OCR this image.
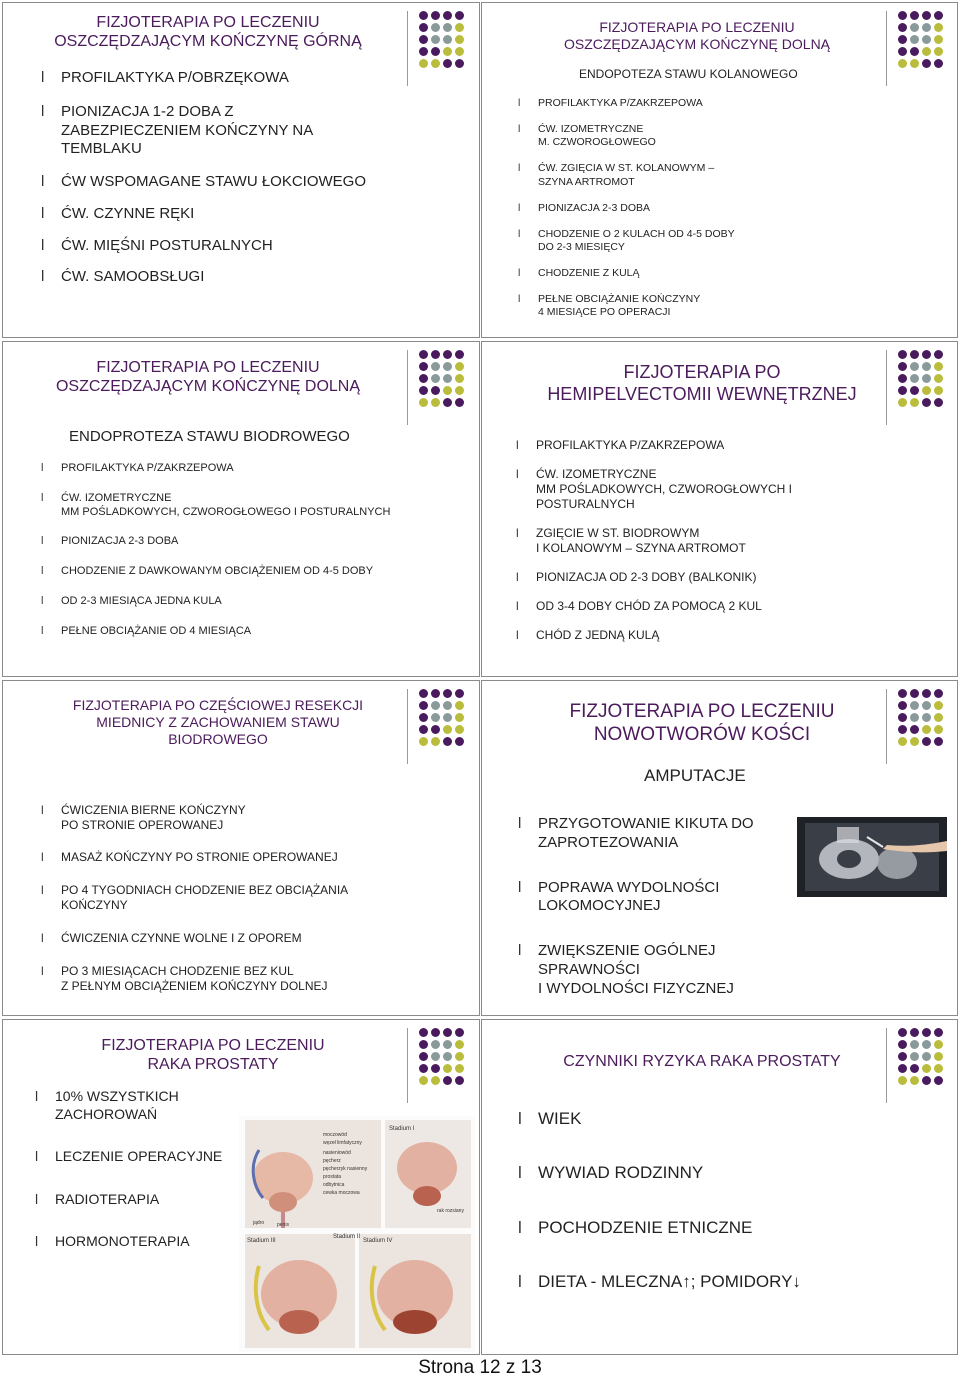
FIZJOTERAPIA PO LECZENIU
OSZCZĘDZAJĄCYM KOŃCZYNĘ GÓRNĄ
l PROFILAKTYKA P/OBRZĘKOWA
l PIONIZACJA 1-2 DOBA Z
ZABEZPIECZENIEM KOŃCZYNY NA
TEMBLAKU
l ĆW WSPOMAGANE STAWU ŁOKCIOWEGO
l ĆW. CZYNNE RĘKI
l ĆW. MIĘŚNI POSTURALNYCH
l ĆW. SAMOOBSŁUGI
FIZJOTERAPIA PO LECZENIU
OSZCZĘDZAJĄCYM KOŃCZYNĘ DOLNĄ

ENDOPOTEZA STAWU KOLANOWEGO

l PROFILAKTYKA P/ZAKRZEPOWA
l ĆW. IZOMETRYCZNE
M. CZWOROGŁOWEGO
l ĆW. ZGIĘCIA W ST. KOLANOWYM –
SZYNA ARTROMOT
l PIONIZACJA 2-3 DOBA
l CHODZENIE O 2 KULACH OD 4-5 DOBY
DO 2-3 MIESIĘCY
l CHODZENIE Z KULĄ
l PEŁNE OBCIĄŻANIE KOŃCZYNY
4 MIESIĄCE PO OPERACJI
FIZJOTERAPIA PO LECZENIU
OSZCZĘDZAJĄCYM KOŃCZYNĘ DOLNĄ

ENDOPROTEZA STAWU BIODROWEGO

l PROFILAKTYKA P/ZAKRZEPOWA
l ĆW. IZOMETRYCZNE
MM POŚLADKOWYCH, CZWOROGŁOWEGO I POSTURALNYCH
l PIONIZACJA 2-3 DOBA
l CHODZENIE Z DAWKOWANYM OBCIĄŻENIEM OD 4-5 DOBY
l OD 2-3 MIESIĄCA JEDNA KULA
l PEŁNE OBCIĄŻANIE OD 4 MIESIĄCA
FIZJOTERAPIA PO
HEMIPELVECTOMII WEWNĘTRZNEJ
l PROFILAKTYKA P/ZAKRZEPOWA
l ĆW. IZOMETRYCZNE
MM POŚLADKOWYCH, CZWOROGŁOWYCH I
POSTURALNYCH
l ZGIĘCIE W ST. BIODROWYM
I KOLANOWYM – SZYNA ARTROMOT
l PIONIZACJA OD 2-3 DOBY (BALKONIK)
l OD 3-4 DOBY CHÓD ZA POMOCĄ 2 KUL
l CHÓD Z JEDNĄ KULĄ
FIZJOTERAPIA PO CZĘŚCIOWEJ RESEKCJI
MIEDNICY Z ZACHOWANIEM STAWU
BIODROWEGO
l ĆWICZENIA BIERNE KOŃCZYNY
PO STRONIE OPEROWANEJ
l MASAŻ KOŃCZYNY PO STRONIE OPEROWANEJ
l PO 4 TYGODNIACH CHODZENIE BEZ OBCIĄŻANIA
KOŃCZYNY
l ĆWICZENIA CZYNNE WOLNE I Z OPOREM
l PO 3 MIESIĄCACH CHODZENIE BEZ KUL
Z PEŁNYM OBCIĄŻENIEM KOŃCZYNY DOLNEJ
FIZJOTERAPIA PO LECZENIU
NOWOTWORÓW KOŚCI

AMPUTACJE

l PRZYGOTOWANIE KIKUTA DO
ZAPROTEZOWANIA
l POPRAWA WYDOLNOŚCI
LOKOMOCYJNEJ
l ZWIĘKSZENIE OGÓLNEJ SPRAWNOŚCI
I WYDOLNOŚCI FIZYCZNEJ
FIZJOTERAPIA PO LECZENIU
RAKA PROSTATY
l 10% WSZYSTKICH ZACHOROWAŃ
l LECZENIE OPERACYJNE
l RADIOTERAPIA
l HORMONOTERAPIA
Stadium I
Stadium II
Stadium III	Stadium IV
moczowód
węzeł limfatyczny
nasieniowód
pęcherz
pęcherzyk nasienny
prostata
odbytnica
cewka moczowa
jądro	penis
rak rozsiany
CZYNNIKI RYZYKA RAKA PROSTATY
l WIEK
l WYWIAD RODZINNY
l POCHODZENIE ETNICZNE
l DIETA - MLECZNA↑; POMIDORY↓
Strona 12 z 13
